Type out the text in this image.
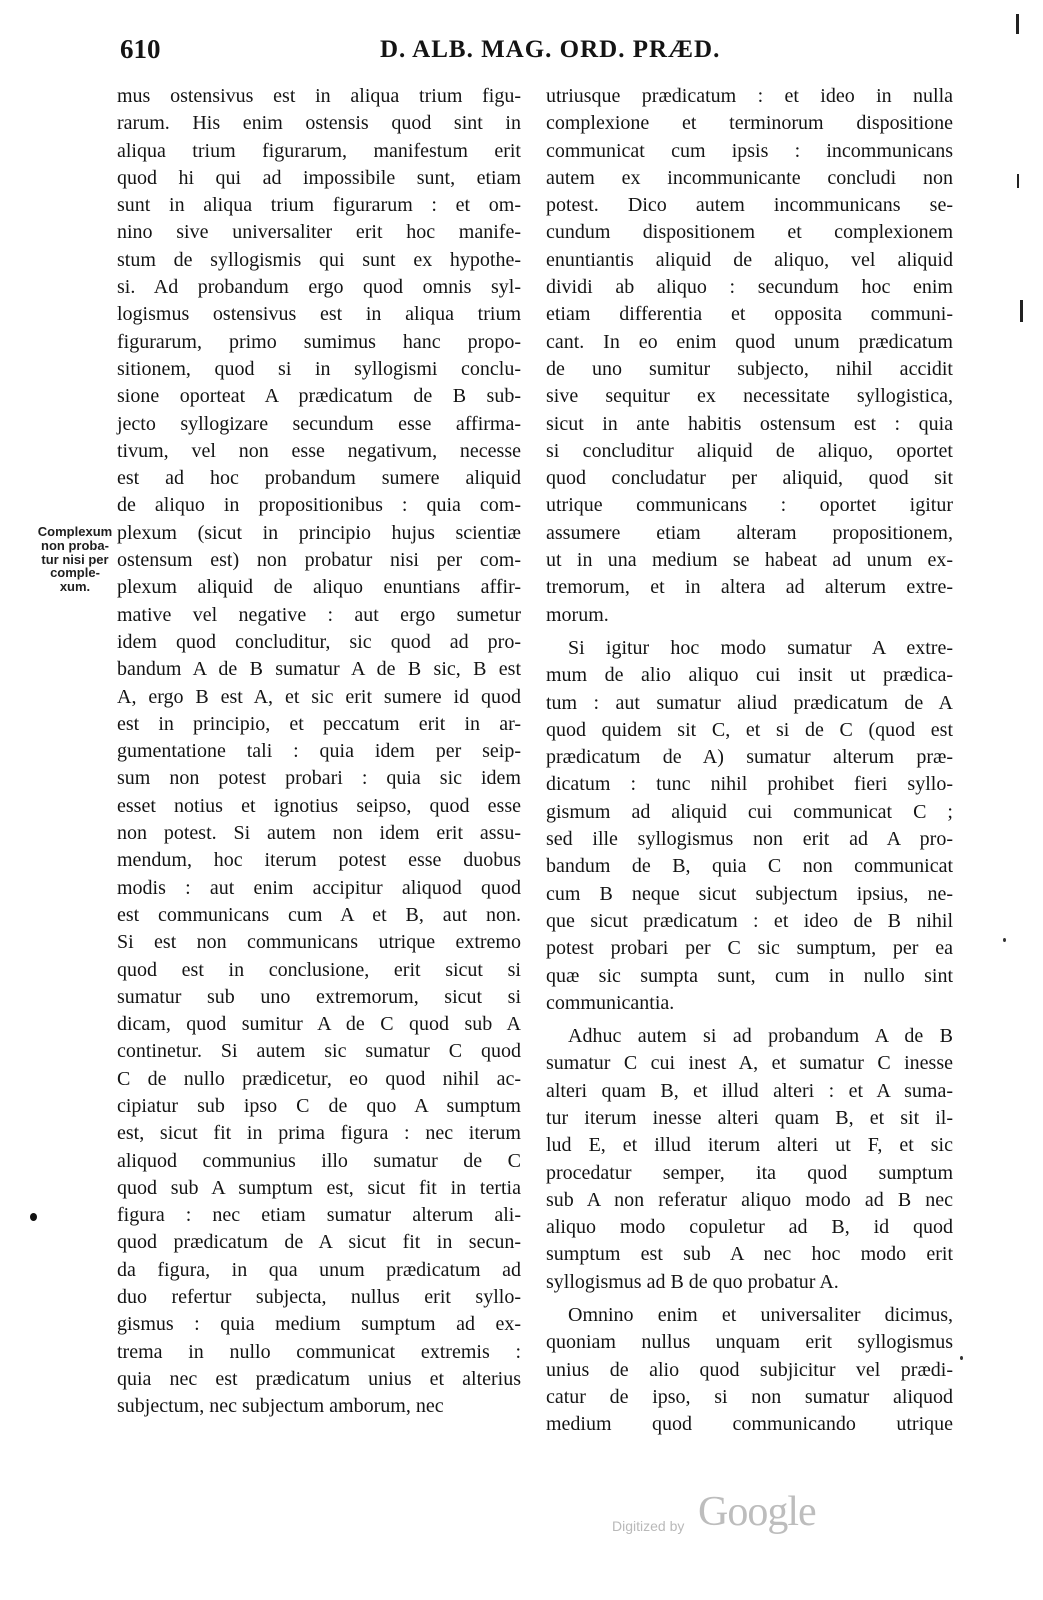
610	D. ALB. MAG. ORD. PRÆD.
Complexum
non proba-
tur nisi per
comple-
xum.
mus ostensivus est in aliqua trium figu-
rarum. His enim ostensis quod sint in
aliqua trium figurarum, manifestum erit
quod hi qui ad impossibile sunt, etiam
sunt in aliqua trium figurarum : et om-
nino sive universaliter erit hoc manife-
stum de syllogismis qui sunt ex hypothe-
si. Ad probandum ergo quod omnis syl-
logismus ostensivus est in aliqua trium
figurarum, primo sumimus hanc propo-
sitionem, quod si in syllogismi conclu-
sione oporteat A prædicatum de B sub-
jecto syllogizare secundum esse affirma-
tivum, vel non esse negativum, necesse
est ad hoc probandum sumere aliquid
de aliquo in propositionibus : quia com-
plexum (sicut in principio hujus scientiæ
ostensum est) non probatur nisi per com-
plexum aliquid de aliquo enuntians affir-
mative vel negative : aut ergo sumetur
idem quod concluditur, sic quod ad pro-
bandum A de B sumatur A de B sic, B est
A, ergo B est A, et sic erit sumere id quod
est in principio, et peccatum erit in ar-
gumentatione tali : quia idem per seip-
sum non potest probari : quia sic idem
esset notius et ignotius seipso, quod esse
non potest. Si autem non idem erit assu-
mendum, hoc iterum potest esse duobus
modis : aut enim accipitur aliquod quod
est communicans cum A et B, aut non.
Si est non communicans utrique extremo
quod est in conclusione, erit sicut si
sumatur sub uno extremorum, sicut si
dicam, quod sumitur A de C quod sub A
continetur. Si autem sic sumatur C quod
C de nullo prædicetur, eo quod nihil ac-
cipiatur sub ipso C de quo A sumptum
est, sicut fit in prima figura : nec iterum
aliquod communius illo sumatur de C
quod sub A sumptum est, sicut fit in tertia
figura : nec etiam sumatur alterum ali-
quod prædicatum de A sicut fit in secun-
da figura, in qua unum prædicatum ad
duo refertur subjecta, nullus erit syllo-
gismus : quia medium sumptum ad ex-
trema in nullo communicat extremis :
quia nec est prædicatum unius et alterius
subjectum, nec subjectum amborum, nec
utriusque prædicatum : et ideo in nulla
complexione et terminorum dispositione
communicat cum ipsis : incommunicans
autem ex incommunicante concludi non
potest. Dico autem incommunicans se-
cundum dispositionem et complexionem
enuntiantis aliquid de aliquo, vel aliquid
dividi ab aliquo : secundum hoc enim
etiam differentia et opposita communi-
cant. In eo enim quod unum prædicatum
de uno sumitur subjecto, nihil accidit
sive sequitur ex necessitate syllogistica,
sicut in ante habitis ostensum est : quia
si concluditur aliquid de aliquo, oportet
quod concludatur per aliquid, quod sit
utrique communicans : oportet igitur
assumere etiam alteram propositionem,
ut in una medium se habeat ad unum ex-
tremorum, et in altera ad alterum extre-
morum.
Si igitur hoc modo sumatur A extre-
mum de alio aliquo cui insit ut prædica-
tum : aut sumatur aliud prædicatum de A
quod quidem sit C, et si de C (quod est
prædicatum de A) sumatur alterum præ-
dicatum : tunc nihil prohibet fieri syllo-
gismum ad aliquid cui communicat C ;
sed ille syllogismus non erit ad A pro-
bandum de B, quia C non communicat
cum B neque sicut subjectum ipsius, ne-
que sicut prædicatum : et ideo de B nihil
potest probari per C sic sumptum, per ea
quæ sic sumpta sunt, cum in nullo sint
communicantia.
Adhuc autem si ad probandum A de B
sumatur C cui inest A, et sumatur C inesse
alteri quam B, et illud alteri : et A suma-
tur iterum inesse alteri quam B, et sit il-
lud E, et illud iterum alteri ut F, et sic
procedatur semper, ita quod sumptum
sub A non referatur aliquo modo ad B nec
aliquo modo copuletur ad B, id quod
sumptum est sub A nec hoc modo erit
syllogismus ad B de quo probatur A.
Omnino enim et universaliter dicimus,
quoniam nullus unquam erit syllogismus
unius de alio quod subjicitur vel prædi-
catur de ipso, si non sumatur aliquod
medium quod communicando utrique
Digitized by Google
